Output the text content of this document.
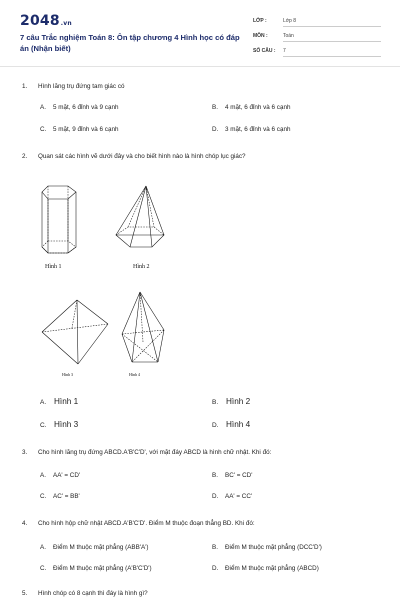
2048.vn
7 câu Trắc nghiệm Toán 8: Ôn tập chương 4 Hình học có đáp án (Nhận biết)
LỚP :	Lớp 8
MÔN :	Toán
SỐ CÂU : 7
1. Hình lăng trụ đứng tam giác có
A. 5 mặt, 6 đỉnh và 9 cạnh	B. 4 mặt, 6 đỉnh và 6 cạnh
C. 5 mặt, 9 đỉnh và 6 cạnh	D. 3 mặt, 6 đỉnh và 6 cạnh
2. Quan sát các hình vẽ dưới đây và cho biết hình nào là hình chóp lục giác?
Hình 1	Hình 2
Hình 3	Hình 4
A. Hình 1	B. Hình 2
C. Hình 3	D. Hình 4
3. Cho hình lăng trụ đứng ABCD.A'B'C'D', với mặt đáy ABCD là hình chữ nhật. Khi đó:
A. AA' = CD'	B. BC' = CD'
C. AC' = BB'	D. AA' = CC'
4. Cho hình hộp chữ nhật ABCD.A'B'C'D'. Điểm M thuộc đoạn thẳng BD. Khi đó:
A. Điểm M thuộc mặt phẳng (ABB'A')	B. Điểm M thuộc mặt phẳng (DCC'D')
C. Điểm M thuộc mặt phẳng (A'B'C'D')	D. Điểm M thuộc mặt phẳng (ABCD)
5. Hình chóp có 8 cạnh thì đáy là hình gì?
